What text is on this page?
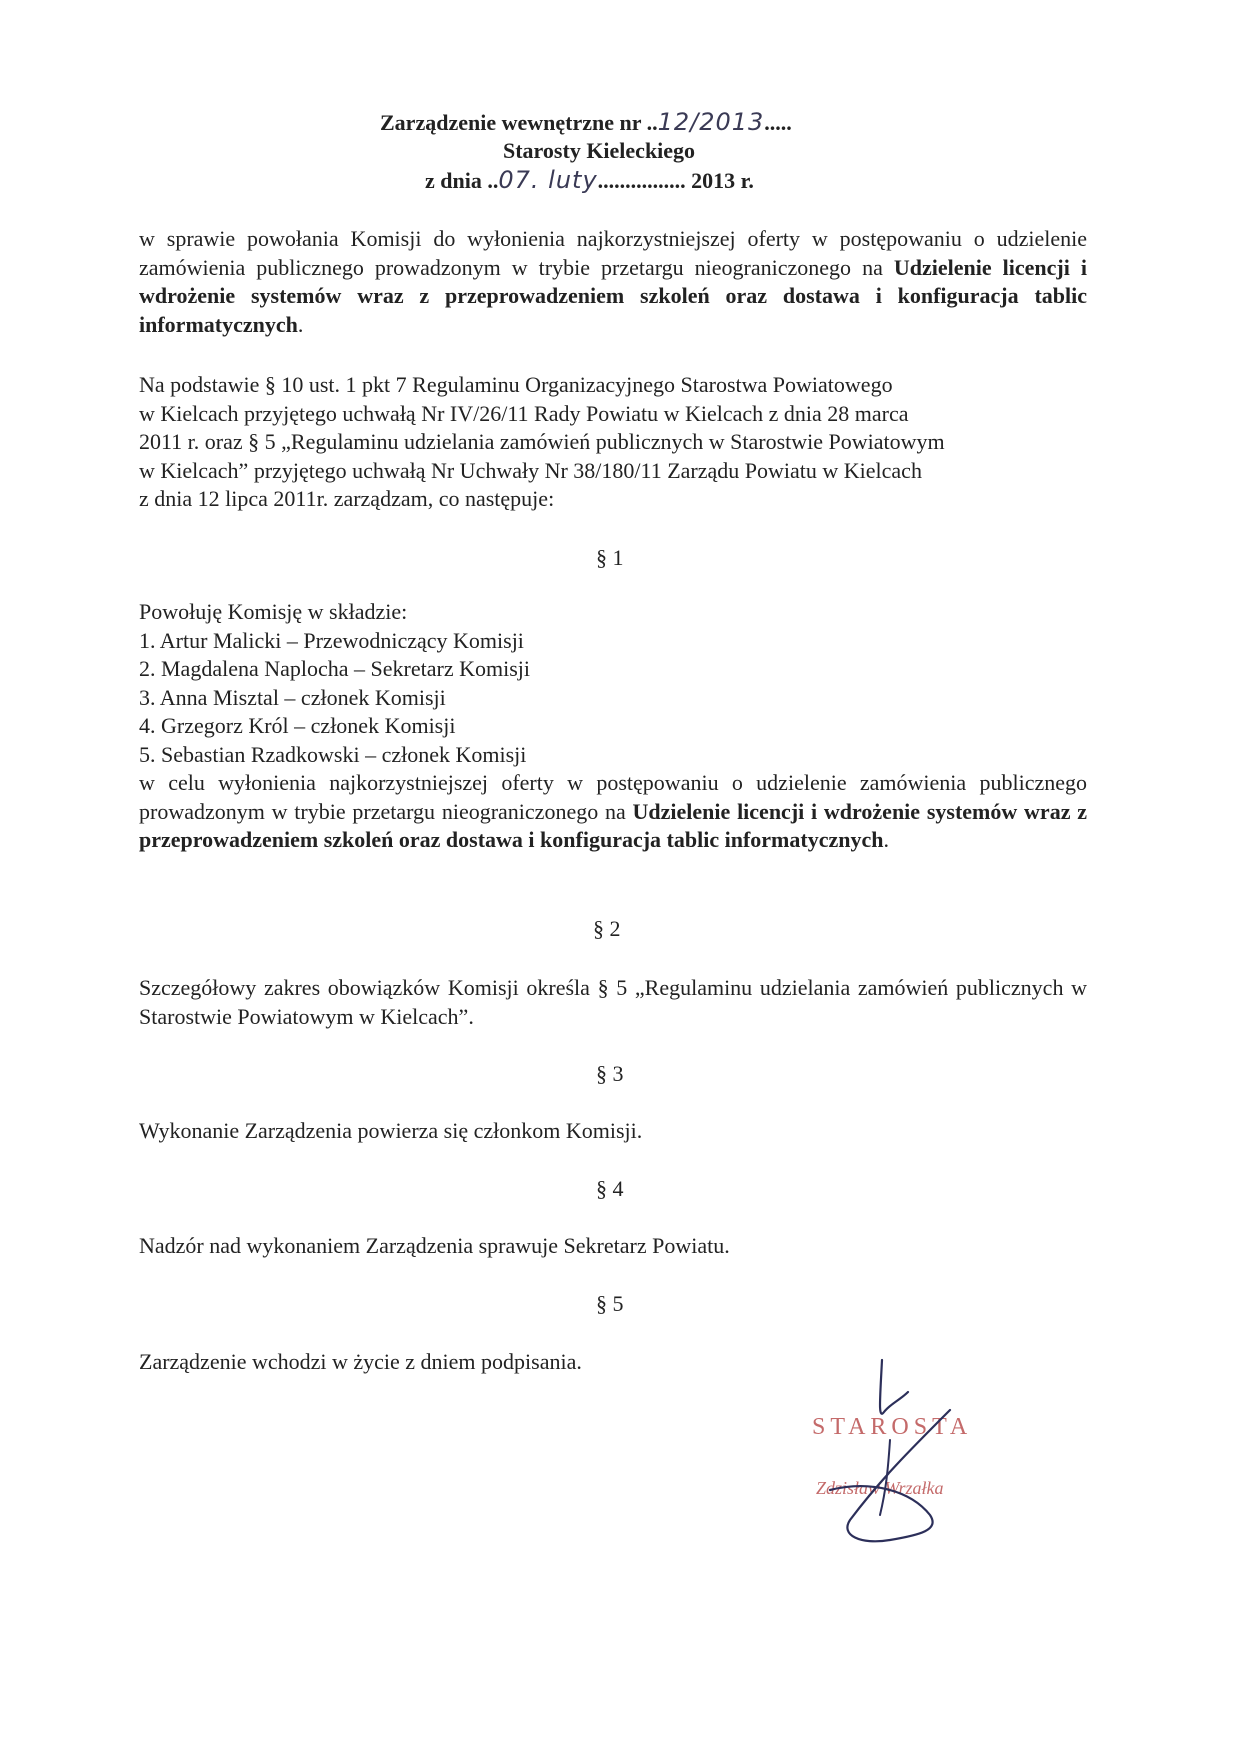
Zarządzenie wewnętrzne nr ..12/2013.....
Starosty Kieleckiego
z dnia ..07. luty................ 2013 r.

w sprawie powołania Komisji do wyłonienia najkorzystniejszej oferty w postępowaniu o udzielenie zamówienia publicznego prowadzonym w trybie przetargu nieograniczonego na Udzielenie licencji i wdrożenie systemów wraz z przeprowadzeniem szkoleń oraz dostawa i konfiguracja tablic informatycznych.

Na podstawie § 10 ust. 1 pkt 7 Regulaminu Organizacyjnego Starostwa Powiatowego
w Kielcach przyjętego uchwałą Nr IV/26/11 Rady Powiatu w Kielcach z dnia 28 marca
2011 r. oraz § 5 „Regulaminu udzielania zamówień publicznych w Starostwie Powiatowym
w Kielcach” przyjętego uchwałą Nr Uchwały Nr 38/180/11 Zarządu Powiatu w Kielcach
z dnia 12 lipca 2011r. zarządzam, co następuje:
§ 1
Powołuję Komisję w składzie:
1. Artur Malicki – Przewodniczący Komisji
2. Magdalena Naplocha – Sekretarz Komisji
3. Anna Misztal – członek Komisji
4. Grzegorz Król – członek Komisji
5. Sebastian Rzadkowski – członek Komisji

w celu wyłonienia najkorzystniejszej oferty w postępowaniu o udzielenie zamówienia publicznego prowadzonym w trybie przetargu nieograniczonego na Udzielenie licencji i wdrożenie systemów wraz z przeprowadzeniem szkoleń oraz dostawa i konfiguracja tablic informatycznych.

§ 2
Szczegółowy zakres obowiązków Komisji określa § 5 „Regulaminu udzielania zamówień publicznych w Starostwie Powiatowym w Kielcach”.
§ 3
Wykonanie Zarządzenia powierza się członkom Komisji.
§ 4
Nadzór nad wykonaniem Zarządzenia sprawuje Sekretarz Powiatu.
§ 5
Zarządzenie wchodzi w życie z dniem podpisania.
STAROSTA
Zdzisław Wrzałka
